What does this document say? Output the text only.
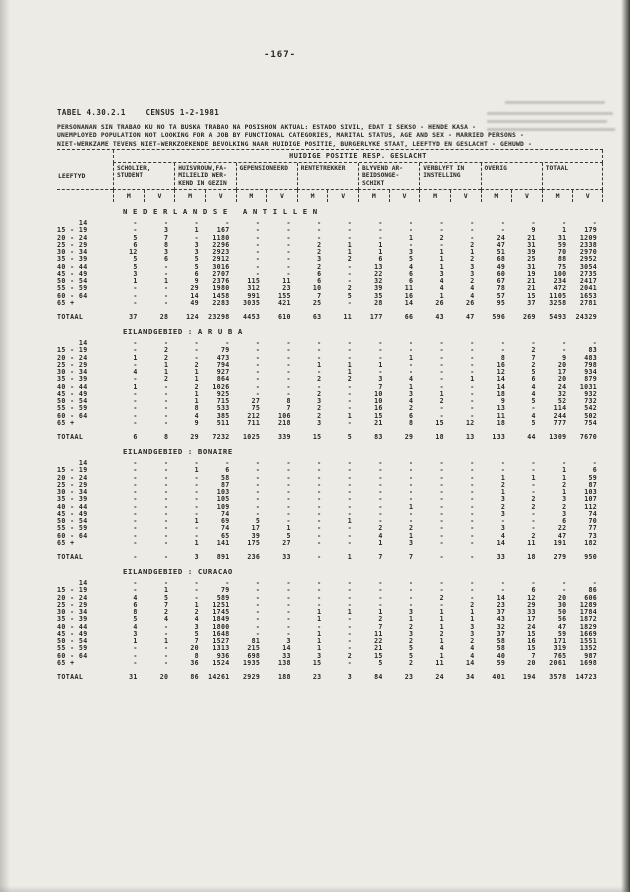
-167-
TABEL 4.30.2.1    CENSUS 1-2-1981
PERSONANAN SIN TRABAO KU NO TA BUSKA TRABAO NA POSISHON AKTUAL: ESTADO SIVIL, EDAT I SEKSO - HENDE KASA -
UNEMPLOYED POPULATION NOT LOOKING FOR A JOB BY FUNCTIONAL CATEGORIES, MARITAL STATUS, AGE AND SEX - MARRIED PERSONS -
NIET-WERKZAME TEVENS NIET-WERKZOEKENDE BEVOLKING NAAR HUIDIGE POSITIE, BURGERLYKE STAAT, LEEFTYD EN GESLACHT - GEHUWD -
HUIDIGE POSITIE RESP. GESLACHT
LEEFTYD
SCHOLIER,
STUDENT
HUISVROUW,FA-
MILIELID WER-
KEND IN GEZIN
GEPENSIONEERD	RENTETREKKER	BLYVEND AR-
BEIDSONGE-
SCHIKT
VERBLYFT IN
INSTELLING
OVERIG	TOTAAL
M	V	M	V	M	V	M	V	M	V	M	V	M	V	M	V
N E D E R L A N D S E   A N T I L L E N
14	-	-	-	-	-	-	-	-	-	-	-	-	-	-	-	-
15 - 19	-	3	1	167	-	-	-	-	-	-	-	-	-	9	1	179
20 - 24	5	7	-	1180	-	-	-	-	-	1	2	-	24	21	31	1209
25 - 29	6	8	3	2296	-	-	2	1	1	-	-	2	47	31	59	2338
30 - 34	12	3	3	2923	-	-	2	1	1	3	1	1	51	39	70	2970
35 - 39	5	6	5	2912	-	-	3	2	6	5	1	2	68	25	88	2952
40 - 44	5	-	5	3016	-	-	2	-	13	4	1	3	49	31	75	3054
45 - 49	3	-	6	2707	-	-	6	-	22	6	3	3	60	19	100	2735
50 - 54	1	1	9	2376	115	11	6	-	32	6	4	2	67	21	234	2417
55 - 59	-	-	29	1980	312	23	10	2	39	11	4	4	78	21	472	2041
60 - 64	-	-	14	1458	991	155	7	5	35	16	1	4	57	15	1105	1653
65 +	-	-	49	2283	3035	421	25	-	28	14	26	26	95	37	3258	2781
TOTAAL	37	28	124	23298	4453	610	63	11	177	66	43	47	596	269	5493	24329
EILANDGEBIED : A R U B A
14	-	-	-	-	-	-	-	-	-	-	-	-	-	-	-	-
15 - 19	-	2	-	79	-	-	-	-	-	-	-	-	-	2	-	83
20 - 24	1	2	-	473	-	-	-	-	-	1	-	-	8	7	9	483
25 - 29	-	1	2	794	-	-	1	1	1	-	-	-	16	2	20	798
30 - 34	4	1	1	927	-	-	-	1	-	-	-	-	12	5	17	934
35 - 39	-	2	1	864	-	-	2	2	3	4	-	1	14	6	20	879
40 - 44	1	-	2	1026	-	-	-	-	7	1	-	-	14	4	24	1031
45 - 49	-	-	1	925	-	-	2	-	10	3	1	-	18	4	32	932
50 - 54	-	-	1	715	27	8	3	-	10	4	2	-	9	5	52	732
55 - 59	-	-	8	533	75	7	2	-	16	2	-	-	13	-	114	542
60 - 64	-	-	4	385	212	106	2	1	15	6	-	-	11	4	244	502
65 +	-	-	9	511	711	218	3	-	21	8	15	12	18	5	777	754
TOTAAL	6	8	29	7232	1025	339	15	5	83	29	18	13	133	44	1309	7670
EILANDGEBIED : BONAIRE
14	-	-	-	-	-	-	-	-	-	-	-	-	-	-	-	-
15 - 19	-	-	1	6	-	-	-	-	-	-	-	-	-	-	1	6
20 - 24	-	-	-	58	-	-	-	-	-	-	-	-	1	1	1	59
25 - 29	-	-	-	87	-	-	-	-	-	-	-	-	2	-	2	87
30 - 34	-	-	-	103	-	-	-	-	-	-	-	-	1	-	1	103
35 - 39	-	-	-	105	-	-	-	-	-	-	-	-	3	2	3	107
40 - 44	-	-	-	109	-	-	-	-	-	1	-	-	2	2	2	112
45 - 49	-	-	-	74	-	-	-	-	-	-	-	-	3	-	3	74
50 - 54	-	-	1	69	5	-	-	1	-	-	-	-	-	-	6	70
55 - 59	-	-	-	74	17	1	-	-	2	2	-	-	3	-	22	77
60 - 64	-	-	-	65	39	5	-	-	4	1	-	-	4	2	47	73
65 +	-	-	1	141	175	27	-	-	1	3	-	-	14	11	191	182
TOTAAL	-	-	3	891	236	33	-	1	7	7	-	-	33	18	279	950
EILANDGEBIED : CURACAO
14	-	-	-	-	-	-	-	-	-	-	-	-	-	-	-	-
15 - 19	-	1	-	79	-	-	-	-	-	-	-	-	-	6	-	86
20 - 24	4	5	-	589	-	-	-	-	-	-	2	-	14	12	20	606
25 - 29	6	7	1	1251	-	-	-	-	-	-	-	2	23	29	30	1289
30 - 34	8	2	2	1745	-	-	1	1	1	3	1	1	37	33	50	1784
35 - 39	5	4	4	1849	-	-	1	-	2	1	1	1	43	17	56	1872
40 - 44	4	-	3	1800	-	-	-	-	7	2	1	3	32	24	47	1829
45 - 49	3	-	5	1648	-	-	1	-	11	3	2	3	37	15	59	1669
50 - 54	1	1	7	1527	81	3	1	-	22	2	1	2	58	16	171	1551
55 - 59	-	-	20	1313	215	14	1	-	21	5	4	4	58	15	319	1352
60 - 64	-	-	8	936	698	33	3	2	15	5	1	4	40	7	765	987
65 +	-	-	36	1524	1935	138	15	-	5	2	11	14	59	20	2061	1698
TOTAAL	31	20	86	14261	2929	188	23	3	84	23	24	34	401	194	3578	14723
